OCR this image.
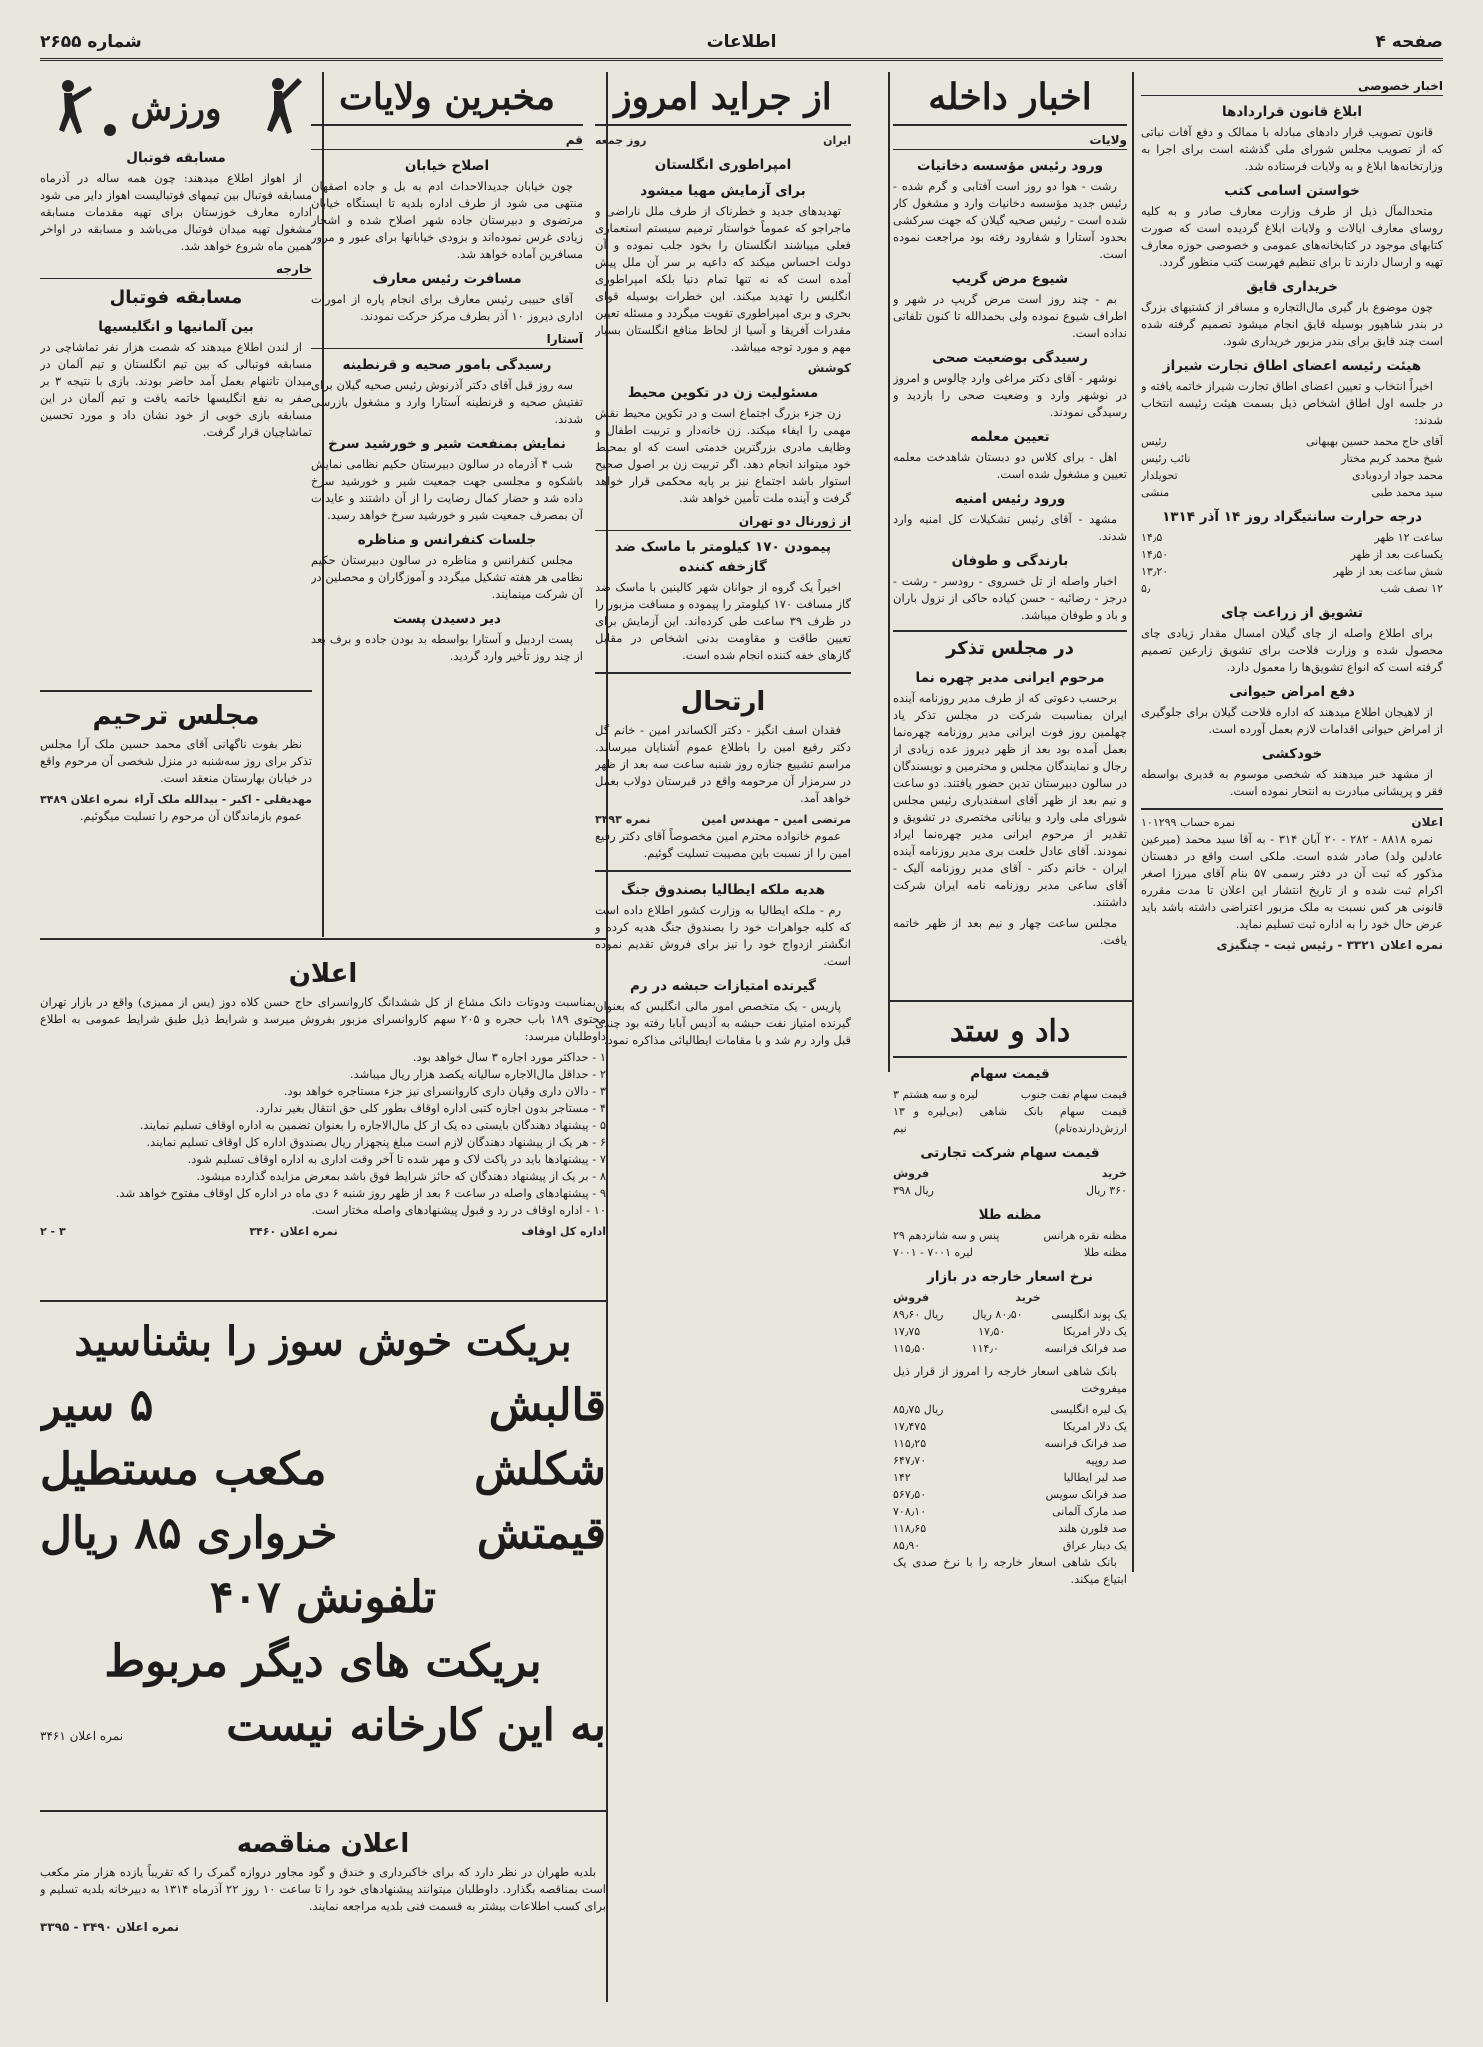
صفحه ۴
اطلاعات
شماره ۲۶۵۵
اخبار خصوصی
ابلاغ قانون قراردادها

قانون تصویب قرار دادهای مبادله با ممالک و دفع آفات نباتی که از تصویب مجلس شورای ملی گذشته است برای اجرا به وزارتخانه‌ها ابلاغ و به ولایات فرستاده شد.

خواستن اسامی کتب

متحدالمآل ذیل از طرف وزارت معارف صادر و به کلیه روسای معارف ایالات و ولایات ابلاغ گردیده است که صورت کتابهای موجود در کتابخانه‌های عمومی و خصوصی حوزه معارف تهیه و ارسال دارند تا برای تنظیم فهرست کتب منظور گردد.

خریداری قایق

چون موضوع بار گیری مال‌التجاره و مسافر از کشتیهای بزرگ در بندر شاهپور بوسیله قایق انجام میشود تصمیم گرفته شده است چند قایق برای بندر مزبور خریداری شود.

هیئت رئیسه اعضای اطاق تجارت شیراز

اخیراً انتخاب و تعیین اعضای اطاق تجارت شیراز خاتمه یافته و در جلسه اول اطاق اشخاص ذیل بسمت هیئت رئیسه انتخاب شدند:

آقای حاج محمد حسین بهبهانی
رئیس
شیخ محمد کریم مختار
نائب رئیس
محمد جواد اردوبادی
تحویلدار
سید محمد طبی
منشی
درجه حرارت سانتیگراد روز ۱۴ آذر ۱۳۱۴
ساعت ۱۲ ظهر
۱۴٫۵
یکساعت بعد از ظهر
۱۴٫۵۰
شش ساعت بعد از ظهر
۱۳٫۲۰
۱۲ نصف شب
۵٫
تشویق از زراعت چای

برای اطلاع واصله از چای گیلان امسال مقدار زیادی چای محصول شده و وزارت فلاحت برای تشویق زارعین تصمیم گرفته است که انواع تشویق‌ها را معمول دارد.

دفع امراض حیوانی

از لاهیجان اطلاع میدهند که اداره فلاحت گیلان برای جلوگیری از امراض حیوانی اقدامات لازم بعمل آورده است.

خودکشی

از مشهد خبر میدهند که شخصی موسوم به قدیری بواسطه فقر و پریشانی مبادرت به انتحار نموده است.

اعلان
نمره حساب ۱۰۱۲۹۹

نمره ۸۸۱۸ - ۲۸۲ - ۲۰ آبان ۳۱۴ - به آقا سید محمد (میرعین عادلین ولد) صادر شده است. ملکی است واقع در دهستان مذکور که ثبت آن در دفتر رسمی ۵۷ بنام آقای میرزا اصغر اکرام ثبت شده و از تاریخ انتشار این اعلان تا مدت مقرره قانونی هر کس نسبت به ملک مزبور اعتراضی داشته باشد باید عرض حال خود را به اداره ثبت تسلیم نماید.

نمره اعلان ۳۳۲۱ - رئیس ثبت - چنگیزی
اخبار داخله
ولایات
ورود رئیس مؤسسه دخانیات

رشت - هوا دو روز است آفتابی و گرم شده - رئیس جدید مؤسسه دخانیات وارد و مشغول کار شده است - رئیس صحیه گیلان که جهت سرکشی بحدود آستارا و شفارود رفته بود مراجعت نموده است.

شیوع مرض گریپ

بم - چند روز است مرض گریپ در شهر و اطراف شیوع نموده ولی بحمدالله تا کنون تلفاتی نداده است.

رسیدگی بوضعیت صحی

نوشهر - آقای دکتر مراغی وارد چالوس و امروز در نوشهر وارد و وضعیت صحی را بازدید و رسیدگی نمودند.

تعیین معلمه

اهل - برای کلاس دو دبستان شاهدخت معلمه تعیین و مشغول شده است.

ورود رئیس امنیه

مشهد - آقای رئیس تشکیلات کل امنیه وارد شدند.

بارندگی و طوفان

اخبار واصله از تل خسروی - رودسر - رشت - درجز - رضائیه - حسن کیاده حاکی از نزول باران و باد و طوفان میباشد.

در مجلس تذکر
مرحوم ایرانی مدیر چهره نما

برحسب دعوتی که از طرف مدیر روزنامه آینده ایران بمناسبت شرکت در مجلس تذکر یاد چهلمین روز فوت ایرانی مدیر روزنامه چهره‌نما بعمل آمده بود بعد از ظهر دیروز عده زیادی از رجال و نمایندگان مجلس و محترمین و نویسندگان در سالون دبیرستان تدین حضور یافتند. دو ساعت و نیم بعد از ظهر آقای اسفندیاری رئیس مجلس شورای ملی وارد و بیاناتی مختصری در تشویق و تقدیر از مرحوم ایرانی مدیر چهره‌نما ایراد نمودند. آقای عادل خلعت بری مدیر روزنامه آینده ایران - خانم دکتر - آقای مدیر روزنامه آلیک - آقای ساعی مدیر روزنامه نامه ایران شرکت داشتند.

مجلس ساعت چهار و نیم بعد از ظهر خاتمه یافت.

داد و ستد
قیمت سهام
قیمت سهام نفت جنوب
۳ لیره و سه هشتم
قیمت سهام بانک شاهی (بی ارزش‌دارنده‌تام)
۱۳ لیره و نیم
قیمت سهام شرکت تجارتی
خرید
فروش
۳۶۰ ریال
۳۹۸ ریال
مظنه طلا
مظنه نقره هرانس
۲۹ پنس و سه شانزدهم
مظنه طلا
۷۰۰۱ - ۷۰۰۱ لیره
نرخ اسعار خارجه در بازار
خرید
فروش
یک پوند انگلیسی
۸۰٫۵۰ ریال
۸۹٫۶۰ ریال
یک دلار امریکا
۱۷٫۵۰
۱۷٫۷۵
صد فرانک فرانسه
۱۱۴٫۰
۱۱۵٫۵۰

بانک شاهی اسعار خارجه را امروز از قرار ذیل میفروخت

یک لیره انگلیسی
۸۵٫۷۵ ریال
یک دلار امریکا
۱۷٫۴۷۵
صد فرانک فرانسه
۱۱۵٫۲۵
صد روپیه
۶۴۷٫۷۰
صد لیر ایطالیا
۱۴۲
صد فرانک سویس
۵۶۷٫۵۰
صد مارک آلمانی
۷۰۸٫۱۰
صد فلورن هلند
۱۱۸٫۶۵
یک دینار عراق
۸۵٫۹۰

بانک شاهی اسعار خارجه را با نرخ صدی یک ابتیاع میکند.

از جراید امروز
ایران
روز جمعه
امپراطوری انگلستان
برای آزمایش مهیا میشود

تهدیدهای جدید و خطرناک از طرف ملل ناراضی و ماجراجو که عموماً خواستار ترمیم سیستم استعماری فعلی میباشند انگلستان را بخود جلب نموده و آن دولت احساس میکند که داعیه بر سر آن ملل پیش آمده است که نه تنها تمام دنیا بلکه امپراطوری انگلیس را تهدید میکند. این خطرات بوسیله قوای بحری و بری امپراطوری تقویت میگردد و مسئله تعیین مقدرات آفریقا و آسیا از لحاظ منافع انگلستان بسیار مهم و مورد توجه میباشد.

کوشش
مسئولیت زن در تکوین محیط

زن جزء بزرگ اجتماع است و در تکوین محیط نقش مهمی را ایفاء میکند. زن خانه‌دار و تربیت اطفال و وظایف مادری بزرگترین خدمتی است که او بمحیط خود میتواند انجام دهد. اگر تربیت زن بر اصول صحیح استوار باشد اجتماع نیز بر پایه محکمی قرار خواهد گرفت و آینده ملت تأمین خواهد شد.

از ژورنال دو تهران
پیمودن ۱۷۰ کیلومتر با ماسک ضد گازخفه کننده

اخیراً یک گروه از جوانان شهر کالینین با ماسک ضد گاز مسافت ۱۷۰ کیلومتر را پیموده و مسافت مزبور را در ظرف ۳۹ ساعت طی کرده‌اند. این آزمایش برای تعیین طاقت و مقاومت بدنی اشخاص در مقابل گازهای خفه کننده انجام شده است.

ارتحال

فقدان اسف انگیز - دکتر آلکساندر امین - خانم گل دکتر رفیع امین را باطلاع عموم آشنایان میرساند. مراسم تشییع جنازه روز شنبه ساعت سه بعد از ظهر در سرمزار آن مرحومه واقع در قبرستان دولاب بعمل خواهد آمد.

مرتضی امین - مهندس امین
نمره ۳۴۹۳

عموم خانواده محترم امین مخصوصاً آقای دکتر رفیع امین را از نسبت باین مصیبت تسلیت گوئیم.

هدیه ملکه ایطالیا بصندوق جنگ

رم - ملکه ایطالیا به وزارت کشور اطلاع داده است که کلیه جواهرات خود را بصندوق جنگ هدیه کرده و انگشتر ازدواج خود را نیز برای فروش تقدیم نموده است.

گیرنده امتیازات حبشه در رم

پاریس - یک متخصص امور مالی انگلیس که بعنوان گیرنده امتیاز نفت حبشه به آدیس آبابا رفته بود چندی قبل وارد رم شد و با مقامات ایطالیائی مذاکره نمود.

مخبرین ولایات
قم
اصلاح خیابان

چون خیابان جدیدالاحداث ادم به بل و جاده اصفهان منتهی می شود از طرف اداره بلدیه تا ایستگاه خیابان مرتضوی و دبیرستان جاده شهر اصلاح شده و اشجار زیادی غرس نموده‌اند و بزودی خیابانها برای عبور و مرور مسافرین آماده خواهد شد.

مسافرت رئیس معارف

آقای حبیبی رئیس معارف برای انجام پاره از امورات اداری دیروز ۱۰ آذر بطرف مرکز حرکت نمودند.

آستارا
رسیدگی بامور صحیه و قرنطینه

سه روز قبل آقای دکتر آذرنوش رئیس صحیه گیلان برای تفتیش صحیه و قرنطینه آستارا وارد و مشغول بازرسی شدند.

نمایش بمنفعت شیر و خورشید سرخ

شب ۴ آذرماه در سالون دبیرستان حکیم نظامی نمایش باشکوه و مجلسی جهت جمعیت شیر و خورشید سرخ داده شد و حضار کمال رضایت را از آن داشتند و عایدات آن بمصرف جمعیت شیر و خورشید سرخ خواهد رسید.

جلسات کنفرانس و مناظره

مجلس کنفرانس و مناظره در سالون دبیرستان حکیم نظامی هر هفته تشکیل میگردد و آموزگاران و محصلین در آن شرکت مینمایند.

دیر دسیدن پست

پست اردبیل و آستارا بواسطه بد بودن جاده و برف بعد از چند روز تأخیر وارد گردید.

ورزش
مسابقه فوتبال

از اهواز اطلاع میدهند: چون همه ساله در آذرماه مسابقه فوتبال بین تیمهای فوتبالیست اهواز دایر می شود اداره معارف خوزستان برای تهیه مقدمات مسابقه مشغول تهیه میدان فوتبال می‌باشد و مسابقه در اواخر همین ماه شروع خواهد شد.

خارجه
مسابقه فوتبال
بین آلمانیها و انگلیسیها

از لندن اطلاع میدهند که شصت هزار نفر تماشاچی در مسابقه فوتبالی که بین تیم انگلستان و تیم آلمان در میدان تاتنهام بعمل آمد حاضر بودند. بازی با نتیجه ۳ بر صفر به نفع انگلیسها خاتمه یافت و تیم آلمان در این مسابقه بازی خوبی از خود نشان داد و مورد تحسین تماشاچیان قرار گرفت.

مجلس ترحیم

نظر بفوت ناگهانی آقای محمد حسین ملک آرا مجلس تذکر برای روز سه‌شنبه در منزل شخصی آن مرحوم واقع در خیابان بهارستان منعقد است.

مهدیقلی - اکبر - بیدالله ملک آراء
نمره اعلان ۳۴۸۹

عموم بازماندگان آن مرحوم را تسلیت میگوئیم.

اعلان

بمناسبت ودوتات دانک مشاع از کل ششدانگ کاروانسرای حاج حسن کلاه دوز (یس از ممیزی) واقع در بازار تهران محتوی ۱۸۹ باب حجره و ۲۰۵ سهم کاروانسرای مزبور بفروش میرسد و شرایط ذیل طبق شرایط عمومی به اطلاع داوطلبان میرسد:

۱ - حداکثر مورد اجاره ۳ سال خواهد بود.
۲ - حداقل مال‌الاجاره سالیانه یکصد هزار ریال میباشد.
۳ - دالان داری وقپان داری کاروانسرای نیز جزء مستاجره خواهد بود.
۴ - مستاجر بدون اجازه کتبی اداره اوقاف بطور کلی حق انتقال بغیر ندارد.
۵ - پیشنهاد دهندگان بایستی ده یک از کل مال‌الاجاره را بعنوان تضمین به اداره اوقاف تسلیم نمایند.
۶ - هر یک از پیشنهاد دهندگان لازم است مبلغ پنجهزار ریال بصندوق اداره کل اوقاف تسلیم نمایند.
۷ - پیشنهادها باید در پاکت لاک و مهر شده تا آخر وقت اداری به اداره اوقاف تسلیم شود.
۸ - بر یک از پیشنهاد دهندگان که حائز شرایط فوق باشد بمعرض مزایده گذارده میشود.
۹ - پیشنهادهای واصله در ساعت ۶ بعد از ظهر روز شنبه ۶ دی ماه در اداره کل اوقاف مفتوح خواهد شد.
۱۰ - اداره اوقاف در رد و قبول پیشنهادهای واصله مختار است.
اداره کل اوقاف
نمره اعلان ۳۴۶۰
۲ - ۳
بریکت خوش سوز را بشناسید
قالبش
۵ سیر
شکلش
مکعب مستطیل
قیمتش
خرواری ۸۵ ریال
تلفونش ۴۰۷
بریکت های دیگر مربوط
به این کارخانه نیست
نمره اعلان ۳۴۶۱
اعلان مناقصه

بلدیه طهران در نظر دارد که برای خاکبرداری و خندق و گود مجاور دروازه گمرک را که تقریباً یازده هزار متر مکعب است بمناقصه بگذارد. داوطلبان میتوانند پیشنهادهای خود را تا ساعت ۱۰ روز ۲۲ آذرماه ۱۳۱۴ به دبیرخانه بلدیه تسلیم و برای کسب اطلاعات بیشتر به قسمت فنی بلدیه مراجعه نمایند.

نمره اعلان ۳۴۹۰ - ۳۳۹۵
